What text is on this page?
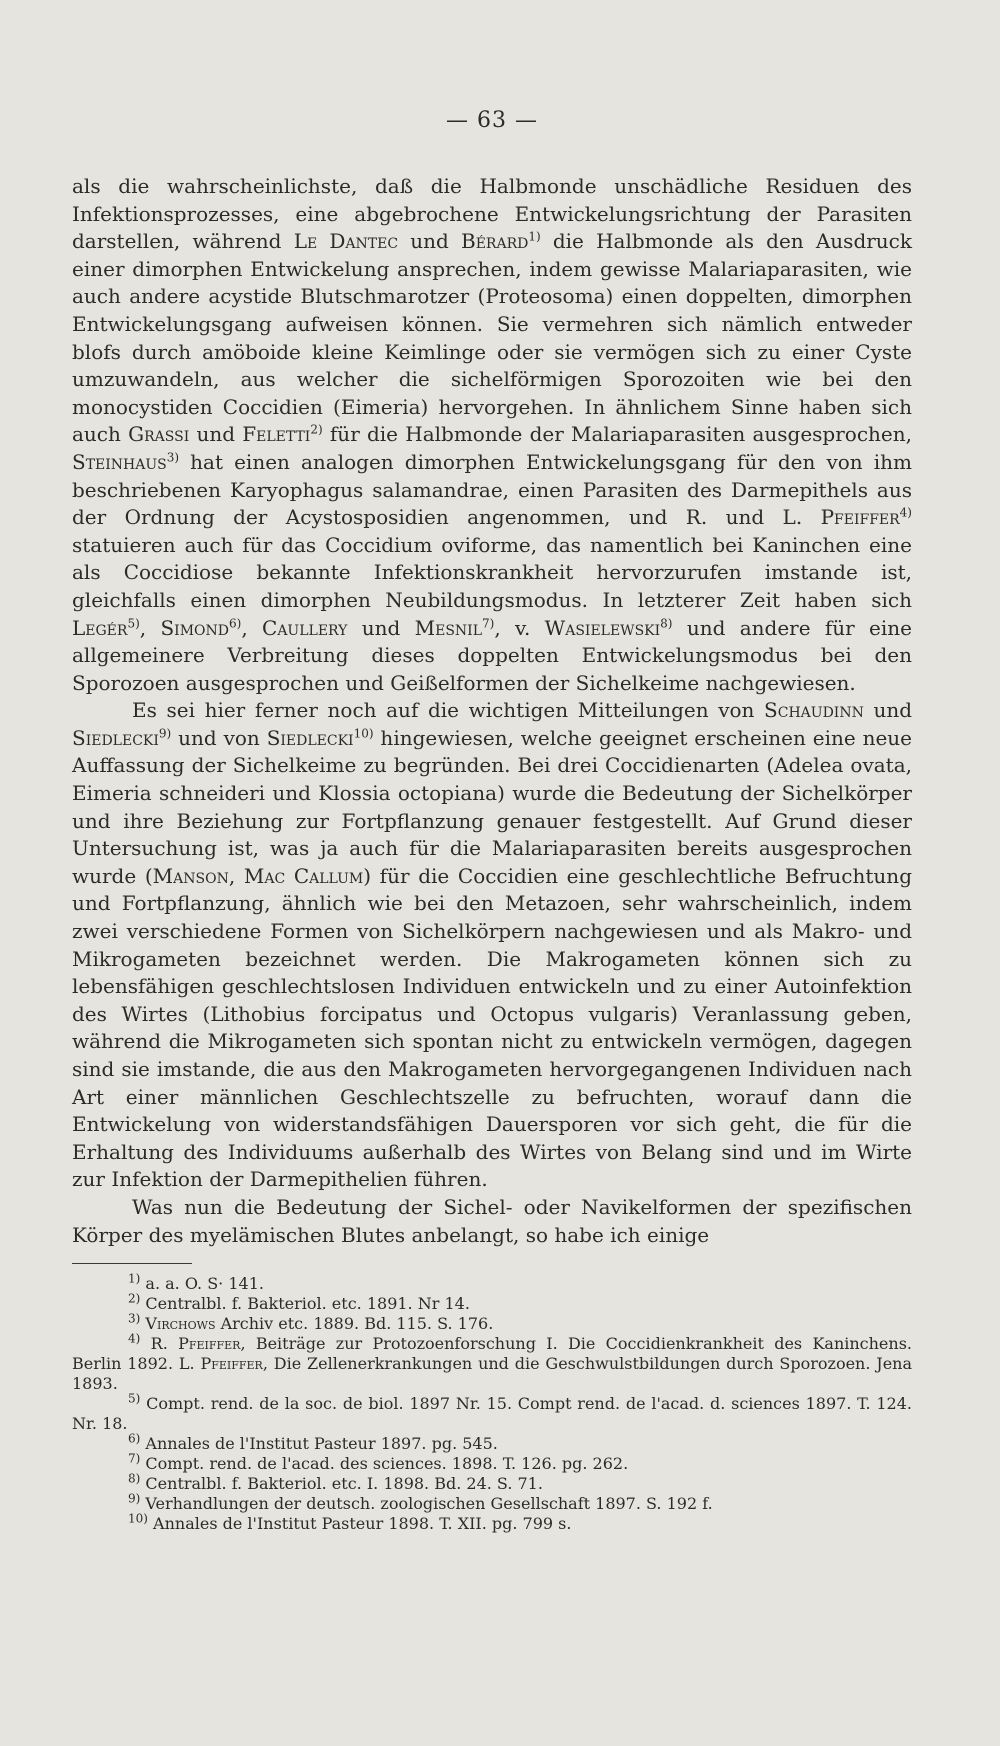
— 63 —

als die wahrscheinlichste, daß die Halbmonde unschädliche Residuen des Infektionsprozesses, eine abgebrochene Entwickelungsrichtung der Parasiten darstellen, während Le Dantec und Bérard$^{1)}$ die Halbmonde als den Ausdruck einer dimorphen Entwickelung ansprechen, indem gewisse Malariaparasiten, wie auch andere acystide Blutschmarotzer (Proteosoma) einen doppelten, dimorphen Entwickelungsgang aufweisen können. Sie vermehren sich nämlich entweder blofs durch amöboide kleine Keimlinge oder sie vermögen sich zu einer Cyste umzuwandeln, aus welcher die sichelförmigen Sporozoiten wie bei den monocystiden Coccidien (Eimeria) hervorgehen. In ähnlichem Sinne haben sich auch Grassi und Feletti$^{2)}$ für die Halbmonde der Malariaparasiten ausgesprochen, Steinhaus$^{3)}$ hat einen analogen dimorphen Entwickelungsgang für den von ihm beschriebenen Karyophagus salamandrae, einen Parasiten des Darmepithels aus der Ordnung der Acystosposidien angenommen, und R. und L. Pfeiffer$^{4)}$ statuieren auch für das Coccidium oviforme, das namentlich bei Kaninchen eine als Coccidiose bekannte Infektionskrankheit hervorzurufen imstande ist, gleichfalls einen dimorphen Neubildungsmodus. In letzterer Zeit haben sich Legér$^{5)}$, Simond$^{6)}$, Caullery und Mesnil$^{7)}$, v. Wasielewski$^{8)}$ und andere für eine allgemeinere Verbreitung dieses doppelten Entwickelungsmodus bei den Sporozoen ausgesprochen und Geißelformen der Sichelkeime nachgewiesen.

Es sei hier ferner noch auf die wichtigen Mitteilungen von Schaudinn und Siedlecki$^{9)}$ und von Siedlecki$^{10)}$ hingewiesen, welche geeignet erscheinen eine neue Auffassung der Sichelkeime zu begründen. Bei drei Coccidienarten (Adelea ovata, Eimeria schneideri und Klossia octopiana) wurde die Bedeutung der Sichelkörper und ihre Beziehung zur Fortpflanzung genauer festgestellt. Auf Grund dieser Untersuchung ist, was ja auch für die Malariaparasiten bereits ausgesprochen wurde (Manson, Mac Callum) für die Coccidien eine geschlechtliche Befruchtung und Fortpflanzung, ähnlich wie bei den Metazoen, sehr wahrscheinlich, indem zwei verschiedene Formen von Sichelkörpern nachgewiesen und als Makro- und Mikrogameten bezeichnet werden. Die Makrogameten können sich zu lebensfähigen geschlechtslosen Individuen entwickeln und zu einer Autoinfektion des Wirtes (Lithobius forcipatus und Octopus vulgaris) Veranlassung geben, während die Mikrogameten sich spontan nicht zu entwickeln vermögen, dagegen sind sie imstande, die aus den Makrogameten hervorgegangenen Individuen nach Art einer männlichen Geschlechtszelle zu befruchten, worauf dann die Entwickelung von widerstandsfähigen Dauersporen vor sich geht, die für die Erhaltung des Individuums außerhalb des Wirtes von Belang sind und im Wirte zur Infektion der Darmepithelien führen.

Was nun die Bedeutung der Sichel- oder Navikelformen der spezifischen Körper des myelämischen Blutes anbelangt, so habe ich einige

$^{1)}$ a. a. O. S· 141.
$^{2)}$ Centralbl. f. Bakteriol. etc. 1891. Nr 14.
$^{3)}$ Virchows Archiv etc. 1889. Bd. 115. S. 176.
$^{4)}$ R. Pfeiffer, Beiträge zur Protozoenforschung I. Die Coccidienkrankheit des Kaninchens. Berlin 1892. L. Pfeiffer, Die Zellenerkrankungen und die Geschwulstbildungen durch Sporozoen. Jena 1893.
$^{5)}$ Compt. rend. de la soc. de biol. 1897 Nr. 15. Compt rend. de l'acad. d. sciences 1897. T. 124. Nr. 18.
$^{6)}$ Annales de l'Institut Pasteur 1897. pg. 545.
$^{7)}$ Compt. rend. de l'acad. des sciences. 1898. T. 126. pg. 262.
$^{8)}$ Centralbl. f. Bakteriol. etc. I. 1898. Bd. 24. S. 71.
$^{9)}$ Verhandlungen der deutsch. zoologischen Gesellschaft 1897. S. 192 f.
$^{10)}$ Annales de l'Institut Pasteur 1898. T. XII. pg. 799 s.
